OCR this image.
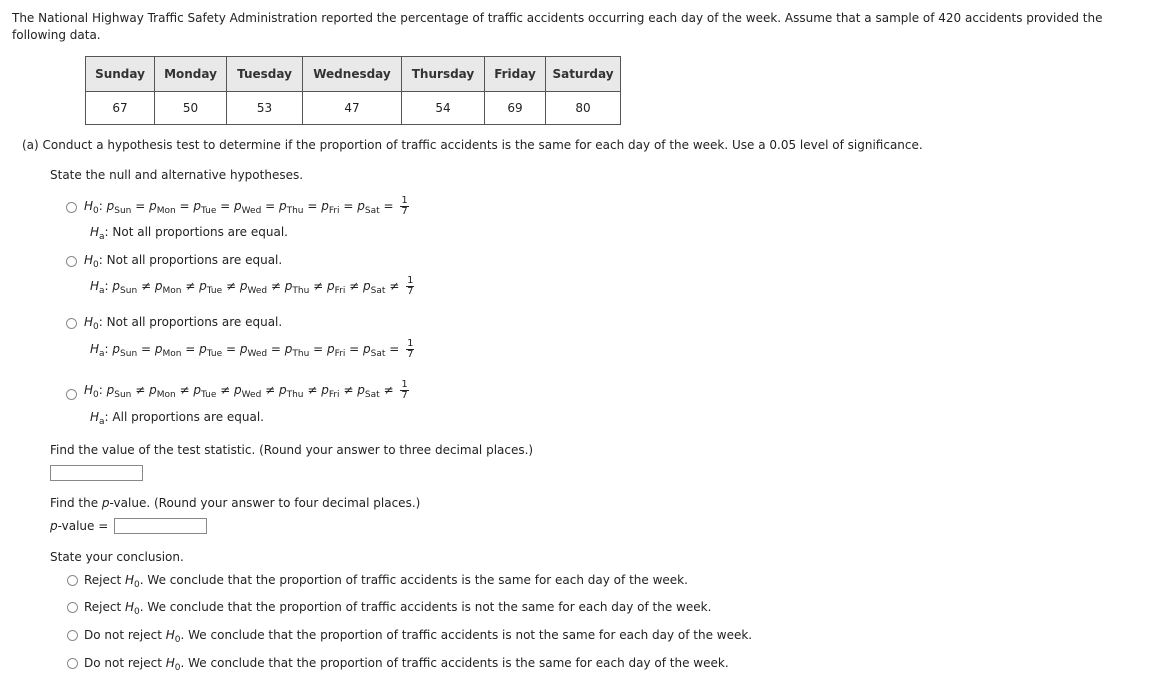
The National Highway Traffic Safety Administration reported the percentage of traffic accidents occurring each day of the week. Assume that a sample of 420 accidents provided the following data.
Sunday	Monday	Tuesday	Wednesday	Thursday	Friday	Saturday
67	50	53	47	54	69	80
(a) Conduct a hypothesis test to determine if the proportion of traffic accidents is the same for each day of the week. Use a 0.05 level of significance.
State the null and alternative hypotheses.
$H_0$: $p_{Sun} = p_{Mon} = p_{Tue} = p_{Wed} = p_{Thu} = p_{Fri} = p_{Sat} = \frac{1}{7}$
$H_a$: Not all proportions are equal.
$H_0$: Not all proportions are equal.
$H_a$: $p_{Sun} \ne p_{Mon} \ne p_{Tue} \ne p_{Wed} \ne p_{Thu} \ne p_{Fri} \ne p_{Sat} \ne \frac{1}{7}$
$H_0$: Not all proportions are equal.
$H_a$: $p_{Sun} = p_{Mon} = p_{Tue} = p_{Wed} = p_{Thu} = p_{Fri} = p_{Sat} = \frac{1}{7}$
$H_0$: $p_{Sun} \ne p_{Mon} \ne p_{Tue} \ne p_{Wed} \ne p_{Thu} \ne p_{Fri} \ne p_{Sat} \ne \frac{1}{7}$
$H_a$: All proportions are equal.
Find the value of the test statistic. (Round your answer to three decimal places.)
Find the p-value. (Round your answer to four decimal places.)
p-value =
State your conclusion.
Reject $H_0$. We conclude that the proportion of traffic accidents is the same for each day of the week.
Reject $H_0$. We conclude that the proportion of traffic accidents is not the same for each day of the week.
Do not reject $H_0$. We conclude that the proportion of traffic accidents is not the same for each day of the week.
Do not reject $H_0$. We conclude that the proportion of traffic accidents is the same for each day of the week.
